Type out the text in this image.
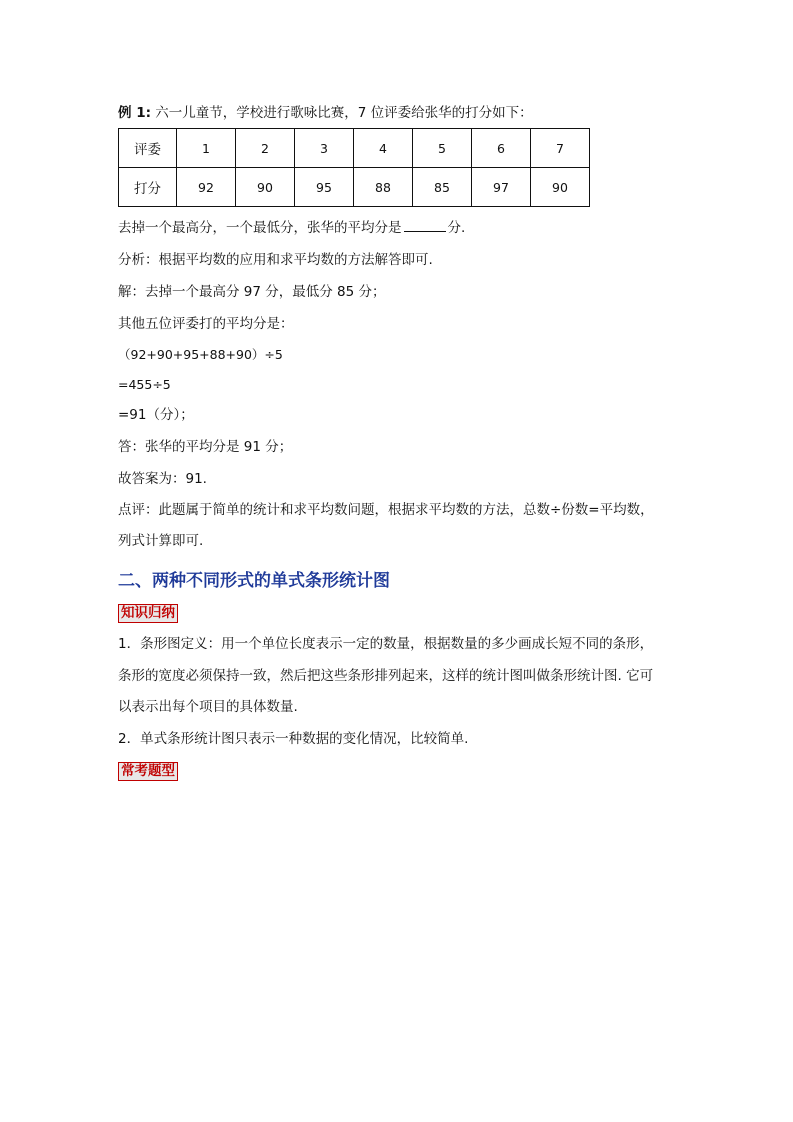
例 1: 六一儿童节，学校进行歌咏比赛，7 位评委给张华的打分如下：
评委	1	2	3	4	5	6	7
打分	92	90	95	88	85	97	90
去掉一个最高分，一个最低分，张华的平均分是	分.
分析：根据平均数的应用和求平均数的方法解答即可.
解：去掉一个最高分 97 分，最低分 85 分；
其他五位评委打的平均分是：
（92+90+95+88+90）÷5
=455÷5
=91（分）；
答：张华的平均分是 91 分；
故答案为：91.
点评：此题属于简单的统计和求平均数问题，根据求平均数的方法，总数÷份数=平均数，
列式计算即可.
二、两种不同形式的单式条形统计图
知识归纳
1．条形图定义：用一个单位长度表示一定的数量，根据数量的多少画成长短不同的条形，
条形的宽度必须保持一致，然后把这些条形排列起来，这样的统计图叫做条形统计图. 它可
以表示出每个项目的具体数量.
2．单式条形统计图只表示一种数据的变化情况，比较简单.
常考题型
